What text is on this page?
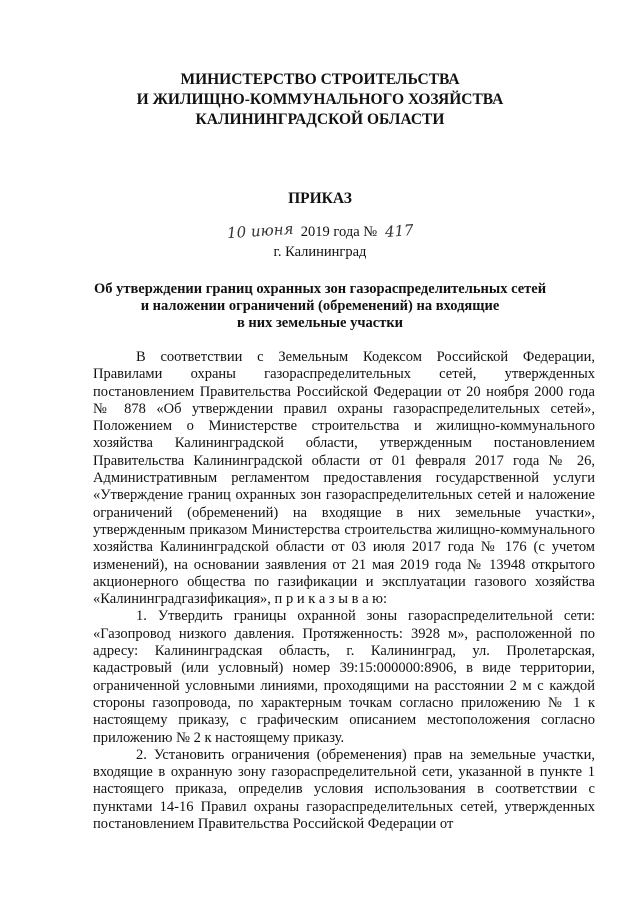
МИНИСТЕРСТВО СТРОИТЕЛЬСТВА
И ЖИЛИЩНО-КОММУНАЛЬНОГО ХОЗЯЙСТВА
КАЛИНИНГРАДСКОЙ ОБЛАСТИ
ПРИКАЗ
10 июня 2019 года № 417
г. Калининград
Об утверждении границ охранных зон газораспределительных сетей
и наложении ограничений (обременений) на входящие
в них земельные участки

В соответствии с Земельным Кодексом Российской Федерации, Правилами охраны газораспределительных сетей, утвержденных постановлением Правительства Российской Федерации от 20 ноября 2000 года № 878 «Об утверждении правил охраны газораспределительных сетей», Положением о Министерстве строительства и жилищно-коммунального хозяйства Калининградской области, утвержденным постановлением Правительства Калининградской области от 01 февраля 2017 года № 26, Административным регламентом предоставления государственной услуги «Утверждение границ охранных зон газораспределительных сетей и наложение ограничений (обременений) на входящие в них земельные участки», утвержденным приказом Министерства строительства жилищно-коммунального хозяйства Калининградской области от 03 июля 2017 года № 176 (с учетом изменений), на основании заявления от 21 мая 2019 года № 13948 открытого акционерного общества по газификации и эксплуатации газового хозяйства «Калининградгазификация», п р и к а з ы в а ю:

1. Утвердить границы охранной зоны газораспределительной сети: «Газопровод низкого давления. Протяженность: 3928 м», расположенной по адресу: Калининградская область, г. Калининград, ул. Пролетарская, кадастровый (или условный) номер 39:15:000000:8906, в виде территории, ограниченной условными линиями, проходящими на расстоянии 2 м с каждой стороны газопровода, по характерным точкам согласно приложению № 1 к настоящему приказу, с графическим описанием местоположения согласно приложению № 2 к настоящему приказу.

2. Установить ограничения (обременения) прав на земельные участки, входящие в охранную зону газораспределительной сети, указанной в пункте 1 настоящего приказа, определив условия использования в соответствии с пунктами 14-16 Правил охраны газораспределительных сетей, утвержденных постановлением Правительства Российской Федерации от
